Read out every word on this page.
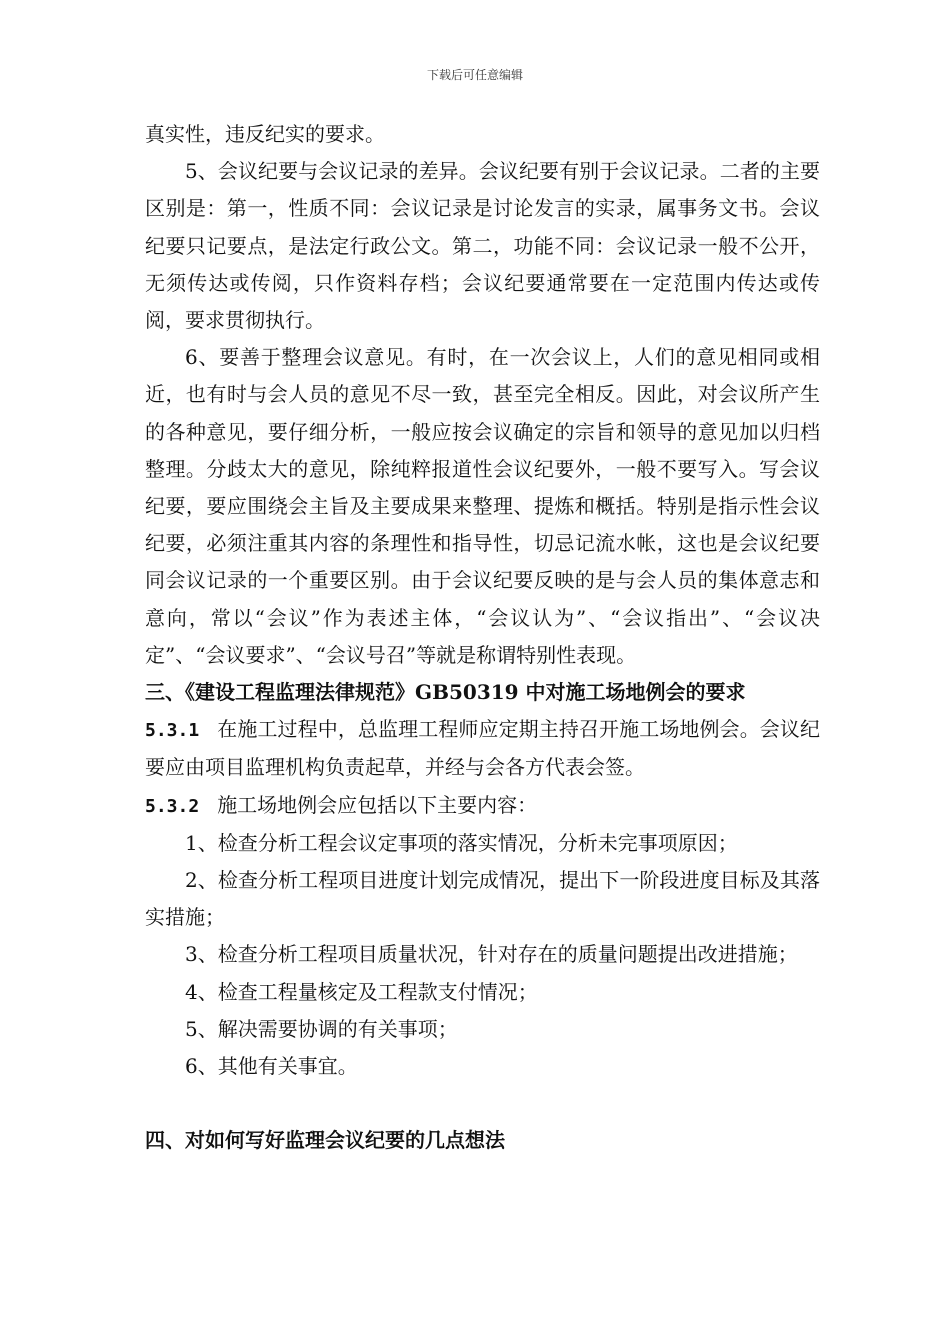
下载后可任意编辑

真实性，违反纪实的要求。

5、会议纪要与会议记录的差异。会议纪要有别于会议记录。二者的主要区别是：第一，性质不同：会议记录是讨论发言的实录，属事务文书。会议纪要只记要点，是法定行政公文。第二，功能不同：会议记录一般不公开，无须传达或传阅，只作资料存档；会议纪要通常要在一定范围内传达或传阅，要求贯彻执行。

6、要善于整理会议意见。有时，在一次会议上，人们的意见相同或相近，也有时与会人员的意见不尽一致，甚至完全相反。因此，对会议所产生的各种意见，要仔细分析，一般应按会议确定的宗旨和领导的意见加以归档整理。分歧太大的意见，除纯粹报道性会议纪要外，一般不要写入。写会议纪要，要应围绕会主旨及主要成果来整理、提炼和概括。特别是指示性会议纪要，必须注重其内容的条理性和指导性，切忌记流水帐，这也是会议纪要同会议记录的一个重要区别。由于会议纪要反映的是与会人员的集体意志和意向，常以“会议”作为表述主体，“会议认为”、“会议指出”、“会议决定”、“会议要求”、“会议号召”等就是称谓特别性表现。

三、《建设工程监理法律规范》GB50319 中对施工场地例会的要求

5.3.1 在施工过程中，总监理工程师应定期主持召开施工场地例会。会议纪要应由项目监理机构负责起草，并经与会各方代表会签。

5.3.2 施工场地例会应包括以下主要内容：

1、检查分析工程会议定事项的落实情况，分析未完事项原因；

2、检查分析工程项目进度计划完成情况，提出下一阶段进度目标及其落实措施；

3、检查分析工程项目质量状况，针对存在的质量问题提出改进措施；

4、检查工程量核定及工程款支付情况；

5、解决需要协调的有关事项；

6、其他有关事宜。

四、对如何写好监理会议纪要的几点想法
